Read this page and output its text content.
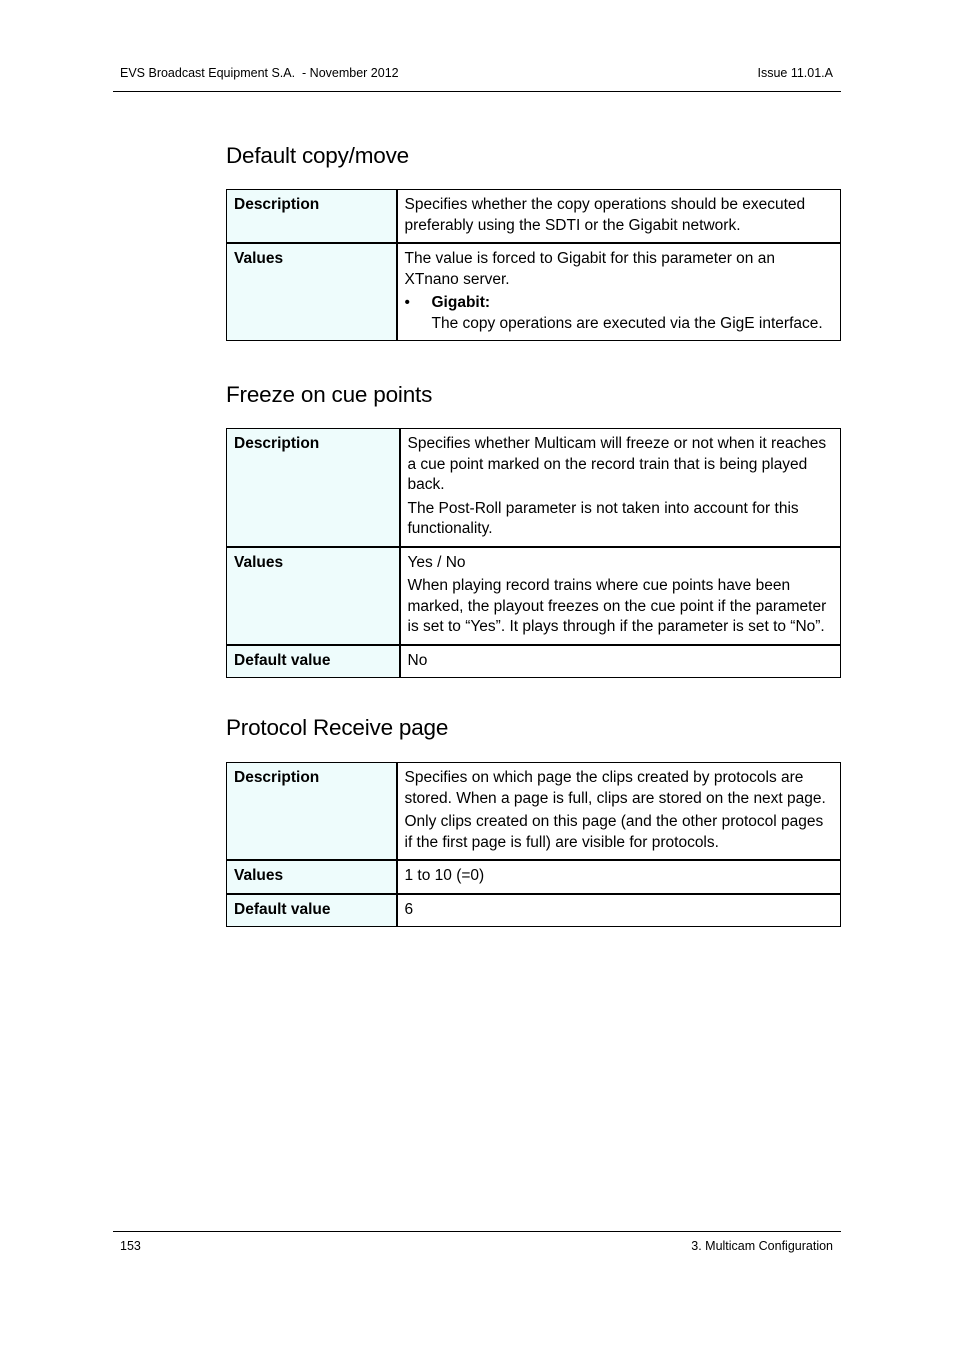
EVS Broadcast Equipment S.A.  - November 2012	Issue 11.01.A
Default copy/move
Description	Specifies whether the copy operations should be executed preferably using the SDTI or the Gigabit network.

Values	The value is forced to Gigabit for this parameter on an XTnano server.

• Gigabit:

The copy operations are executed via the GigE interface.

Freeze on cue points
Description	Specifies whether Multicam will freeze or not when it reaches a cue point marked on the record train that is being played back.

The Post-Roll parameter is not taken into account for this functionality.

Values	Yes / No

When playing record trains where cue points have been marked, the playout freezes on the cue point if the parameter is set to “Yes”. It plays through if the parameter is set to “No”.

Default value	No

Protocol Receive page
Description	Specifies on which page the clips created by protocols are stored. When a page is full, clips are stored on the next page.

Only clips created on this page (and the other protocol pages if the first page is full) are visible for protocols.

Values	1 to 10 (=0)

Default value	6

153	3. Multicam Configuration
